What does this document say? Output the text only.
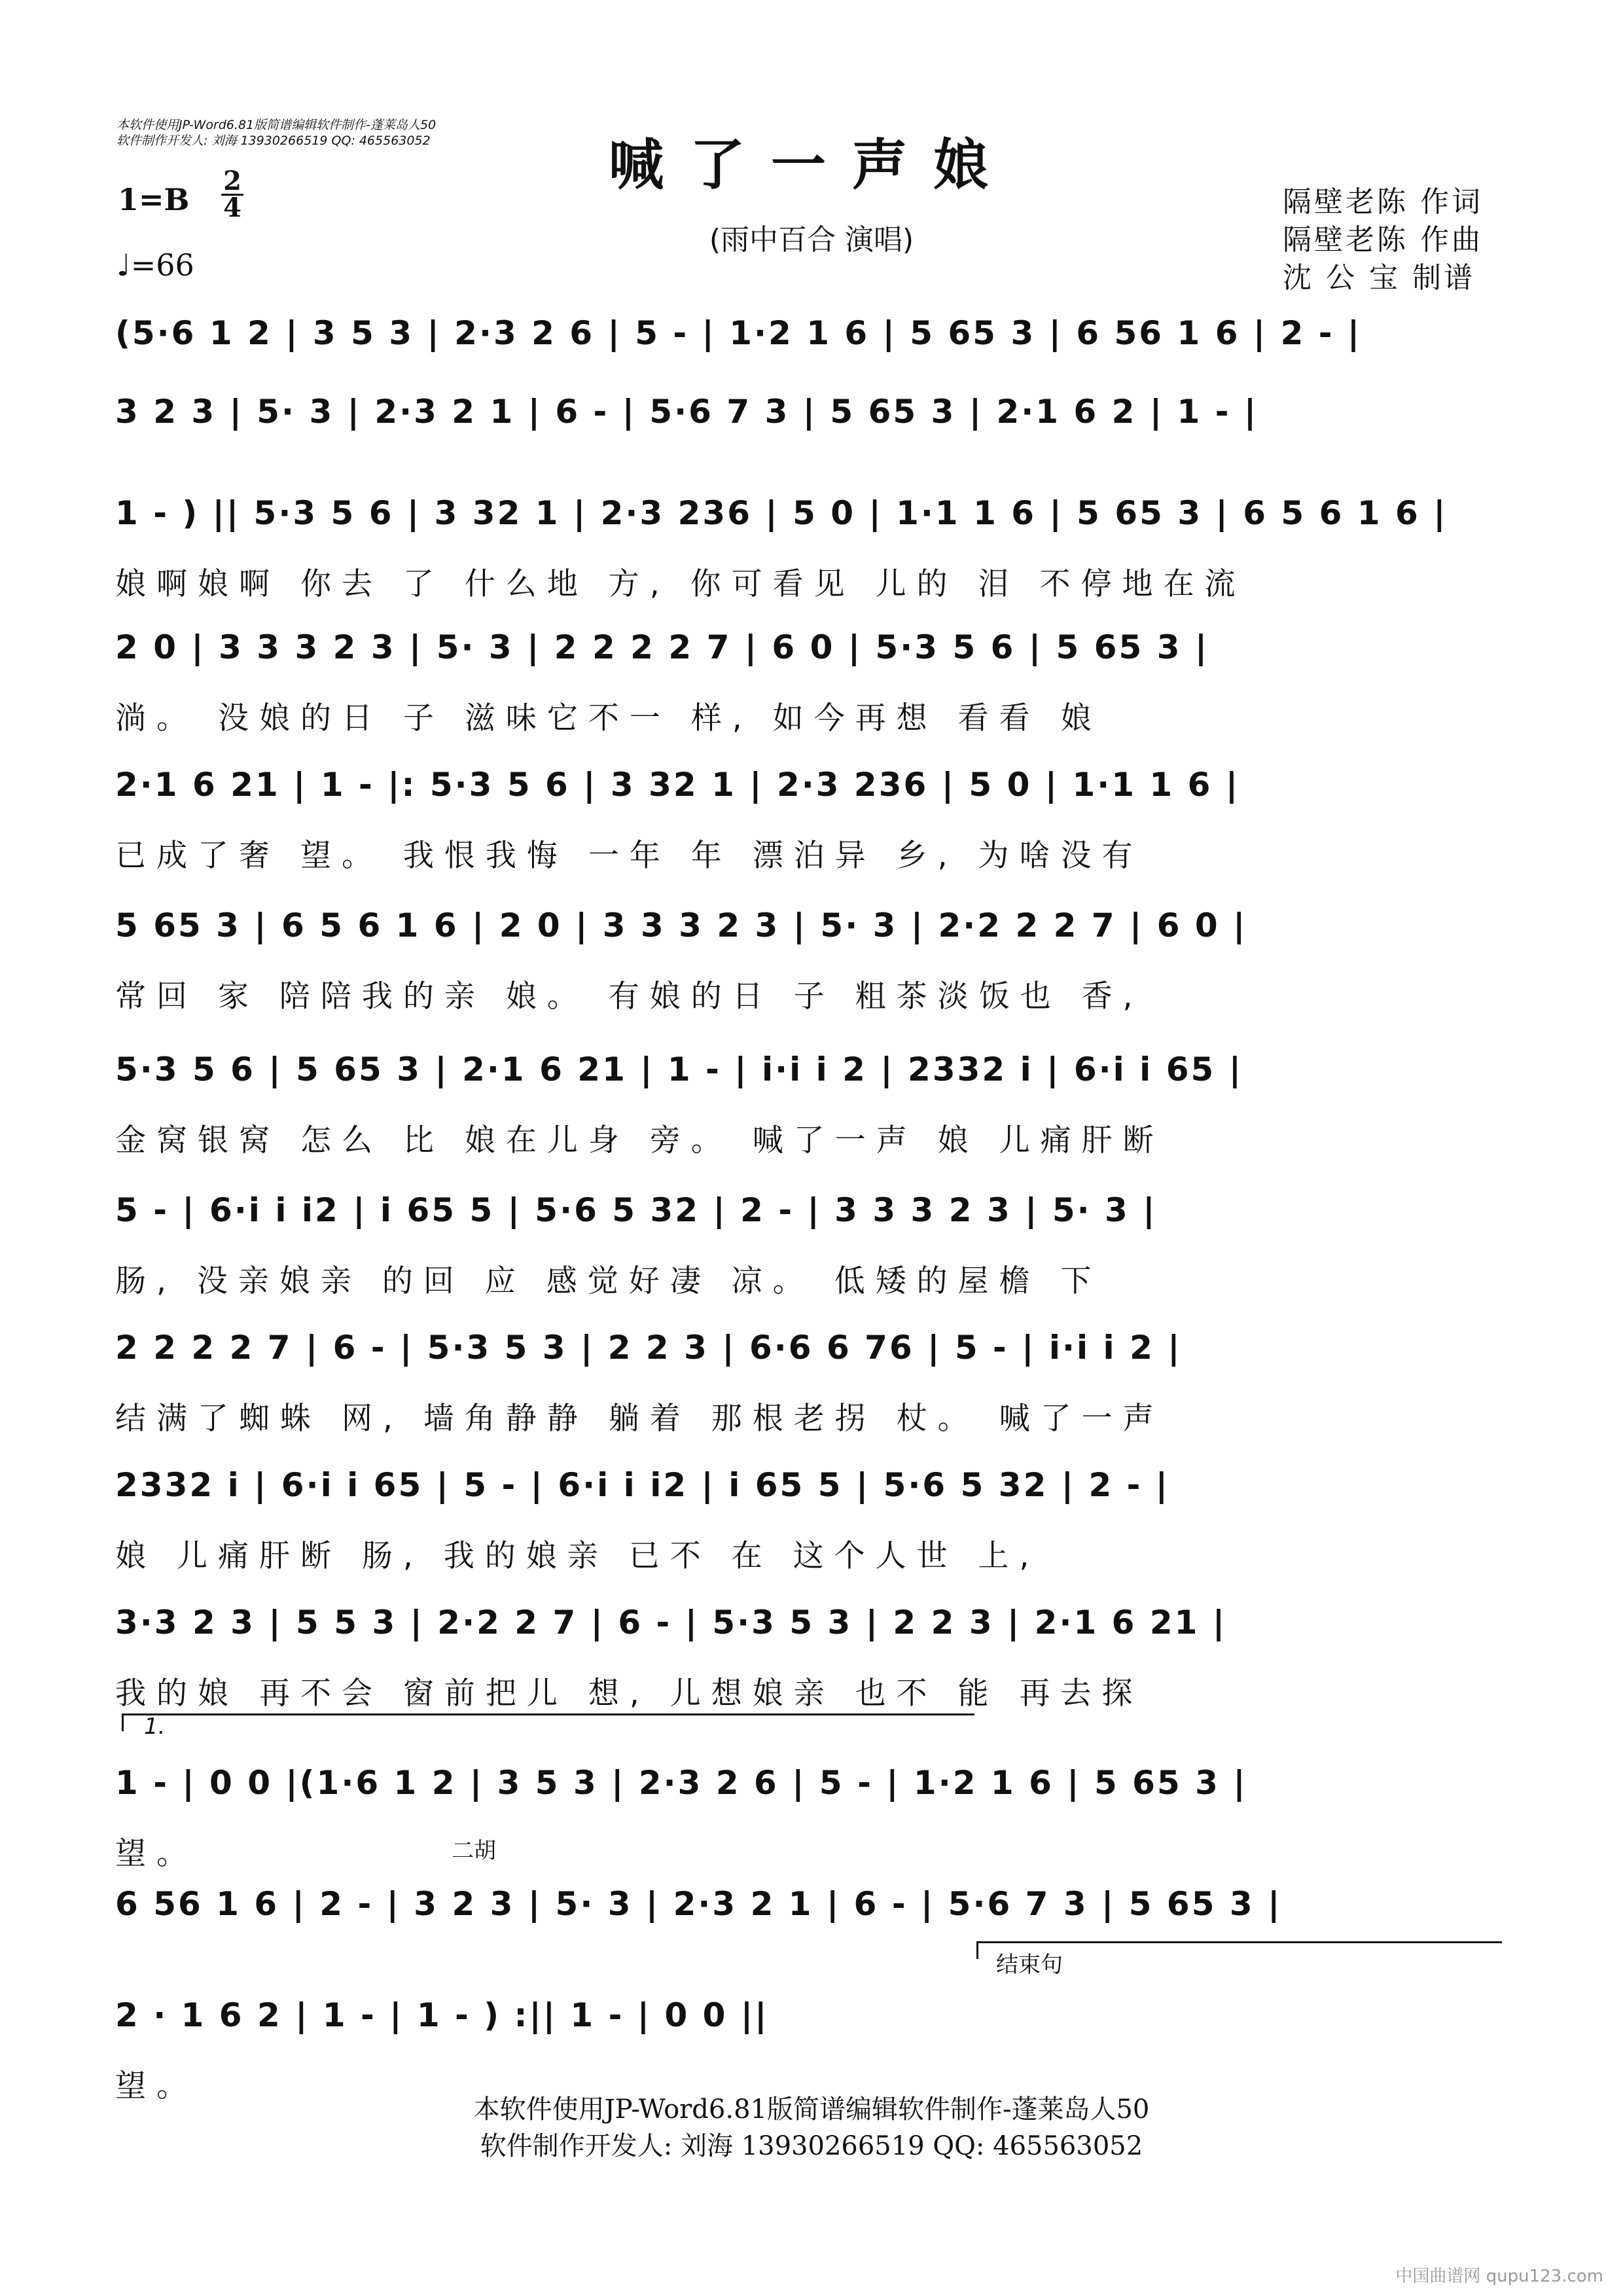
本软件使用JP-Word6.81版简谱编辑软件制作-蓬莱岛人50
软件制作开发人: 刘海 13930266519 QQ: 465563052	喊了一声娘
(雨中百合 演唱)
1=B
2
4
♩=66
隔壁老陈 作词
隔壁老陈 作曲
沈 公 宝 制谱
(5·6 1 2 | 3 5 3 | 2·3 2 6 | 5 - | 1·2 1 6 | 5 65 3 | 6 56 1 6 | 2 - |
3 2 3 | 5· 3 | 2·3 2 1 | 6 - | 5·6 7 3 | 5 65 3 | 2·1 6 2 | 1 - |
1 - ) || 5·3 5 6 | 3 32 1 | 2·3 236 | 5 0 | 1·1 1 6 | 5 65 3 | 6 5 6 1 6 |
娘啊娘啊 你去 了 什么地 方, 你可看见 儿的 泪 不停地在流
2 0 | 3 3 3 2 3 | 5· 3 | 2 2 2 2 7 | 6 0 | 5·3 5 6 | 5 65 3 |
淌。 没娘的日 子 滋味它不一 样, 如今再想 看看 娘
2·1 6 21 | 1 - |: 5·3 5 6 | 3 32 1 | 2·3 236 | 5 0 | 1·1 1 6 |
已成了奢 望。 我恨我悔 一年 年 漂泊异 乡, 为啥没有
5 65 3 | 6 5 6 1 6 | 2 0 | 3 3 3 2 3 | 5· 3 | 2·2 2 2 7 | 6 0 |
常回 家 陪陪我的亲 娘。 有娘的日 子 粗茶淡饭也 香,
5·3 5 6 | 5 65 3 | 2·1 6 21 | 1 - | i·i i 2 | 2332 i | 6·i i 65 |
金窝银窝 怎么 比 娘在儿身 旁。 喊了一声 娘 儿痛肝断
5 - | 6·i i i2 | i 65 5 | 5·6 5 32 | 2 - | 3 3 3 2 3 | 5· 3 |
肠, 没亲娘亲 的回 应 感觉好凄 凉。 低矮的屋檐 下
2 2 2 2 7 | 6 - | 5·3 5 3 | 2 2 3 | 6·6 6 76 | 5 - | i·i i 2 |
结满了蜘蛛 网, 墙角静静 躺着 那根老拐 杖。 喊了一声
2332 i | 6·i i 65 | 5 - | 6·i i i2 | i 65 5 | 5·6 5 32 | 2 - |
娘 儿痛肝断 肠, 我的娘亲 已不 在 这个人世 上,
3·3 2 3 | 5 5 3 | 2·2 2 7 | 6 - | 5·3 5 3 | 2 2 3 | 2·1 6 21 |
我的娘 再不会 窗前把儿 想, 儿想娘亲 也不 能 再去探
1 - | 0 0 |(1·6 1 2 | 3 5 3 | 2·3 2 6 | 5 - | 1·2 1 6 | 5 65 3 |
望。
6 56 1 6 | 2 - | 3 2 3 | 5· 3 | 2·3 2 1 | 6 - | 5·6 7 3 | 5 65 3 |
2 · 1 6 2 | 1 - | 1 - ) :|| 1 - | 0 0 ||
望。
1.
二胡
结束句
本软件使用JP-Word6.81版简谱编辑软件制作-蓬莱岛人50
软件制作开发人: 刘海 13930266519 QQ: 465563052
中国曲谱网 qupu123.com
